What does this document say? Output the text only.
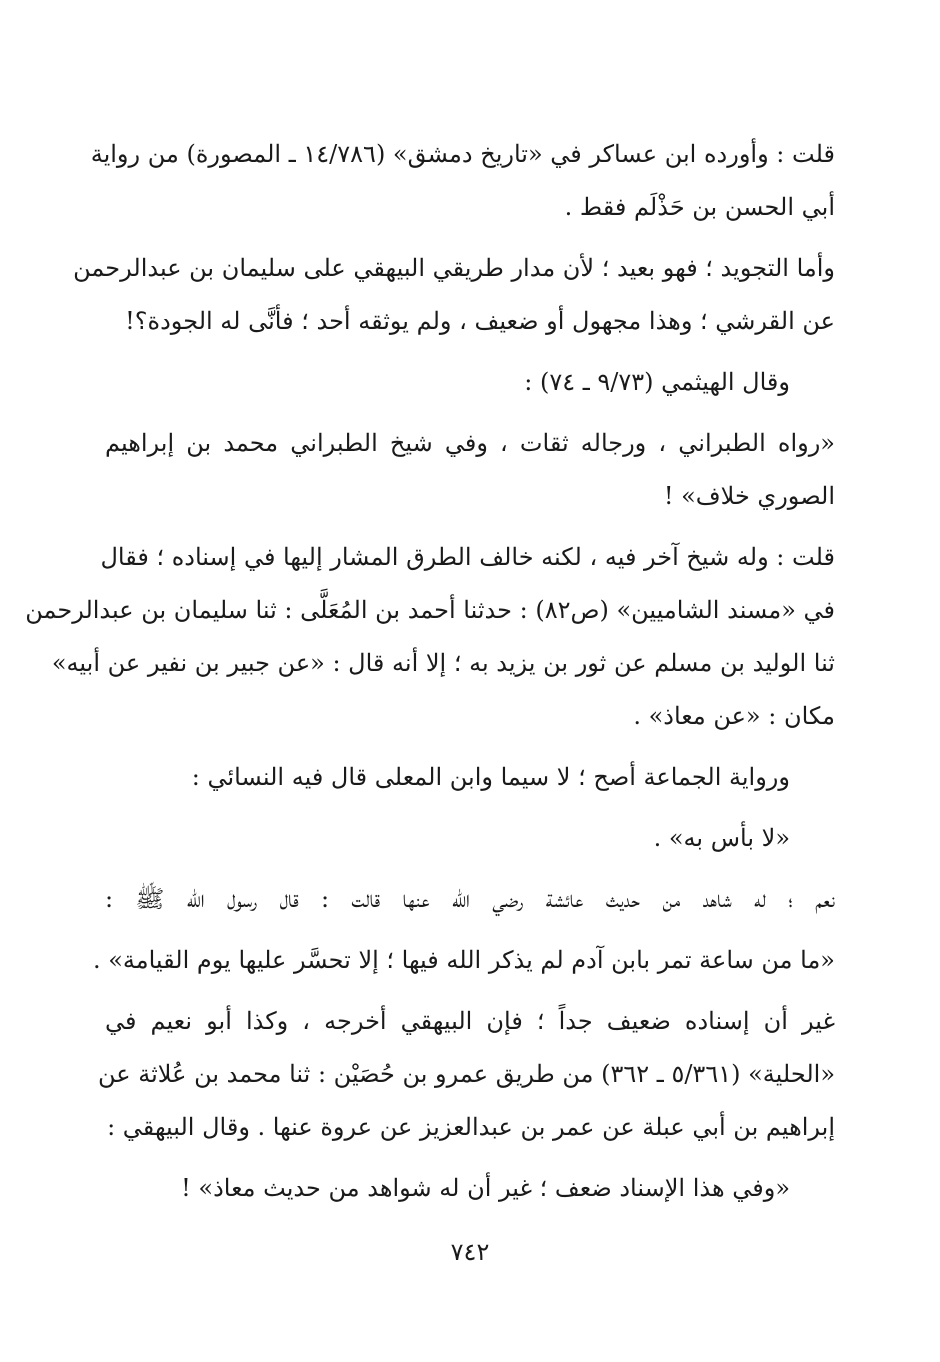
قلت : وأورده ابن عساكر في «تاريخ دمشق» (١٤/٧٨٦ ـ المصورة) من رواية
أبي الحسن بن حَذْلَم فقط .
وأما التجويد ؛ فهو بعيد ؛ لأن مدار طريقي البيهقي على سليمان بن عبدالرحمن
عن القرشي ؛ وهذا مجهول أو ضعيف ، ولم يوثقه أحد ؛ فأنَّى له الجودة؟!
وقال الهيثمي (٩/٧٣ ـ ٧٤) :
«رواه الطبراني ، ورجاله ثقات ، وفي شيخ الطبراني محمد بن إبراهيم
الصوري خلاف» !
قلت : وله شيخ آخر فيه ، لكنه خالف الطرق المشار إليها في إسناده ؛ فقال
في «مسند الشاميين» (ص٨٢) : حدثنا أحمد بن المُعَلَّى : ثنا سليمان بن عبدالرحمن
ثنا الوليد بن مسلم عن ثور بن يزيد به ؛ إلا أنه قال : «عن جبير بن نفير عن أبيه»
مكان : «عن معاذ» .
ورواية الجماعة أصح ؛ لا سيما وابن المعلى قال فيه النسائي :
«لا بأس به» .
نعم ؛ له شاهد من حديث عائشة رضي الله عنها قالت : قال رسول الله ﷺ :
«ما من ساعة تمر بابن آدم لم يذكر الله فيها ؛ إلا تحسَّر عليها يوم القيامة» .
غير أن إسناده ضعيف جداً ؛ فإن البيهقي أخرجه ، وكذا أبو نعيم في
«الحلية» (٥/٣٦١ ـ ٣٦٢) من طريق عمرو بن حُصَيْن : ثنا محمد بن عُلاثة عن
إبراهيم بن أبي عبلة عن عمر بن عبدالعزيز عن عروة عنها . وقال البيهقي :
«وفي هذا الإسناد ضعف ؛ غير أن له شواهد من حديث معاذ» !
٧٤٢
